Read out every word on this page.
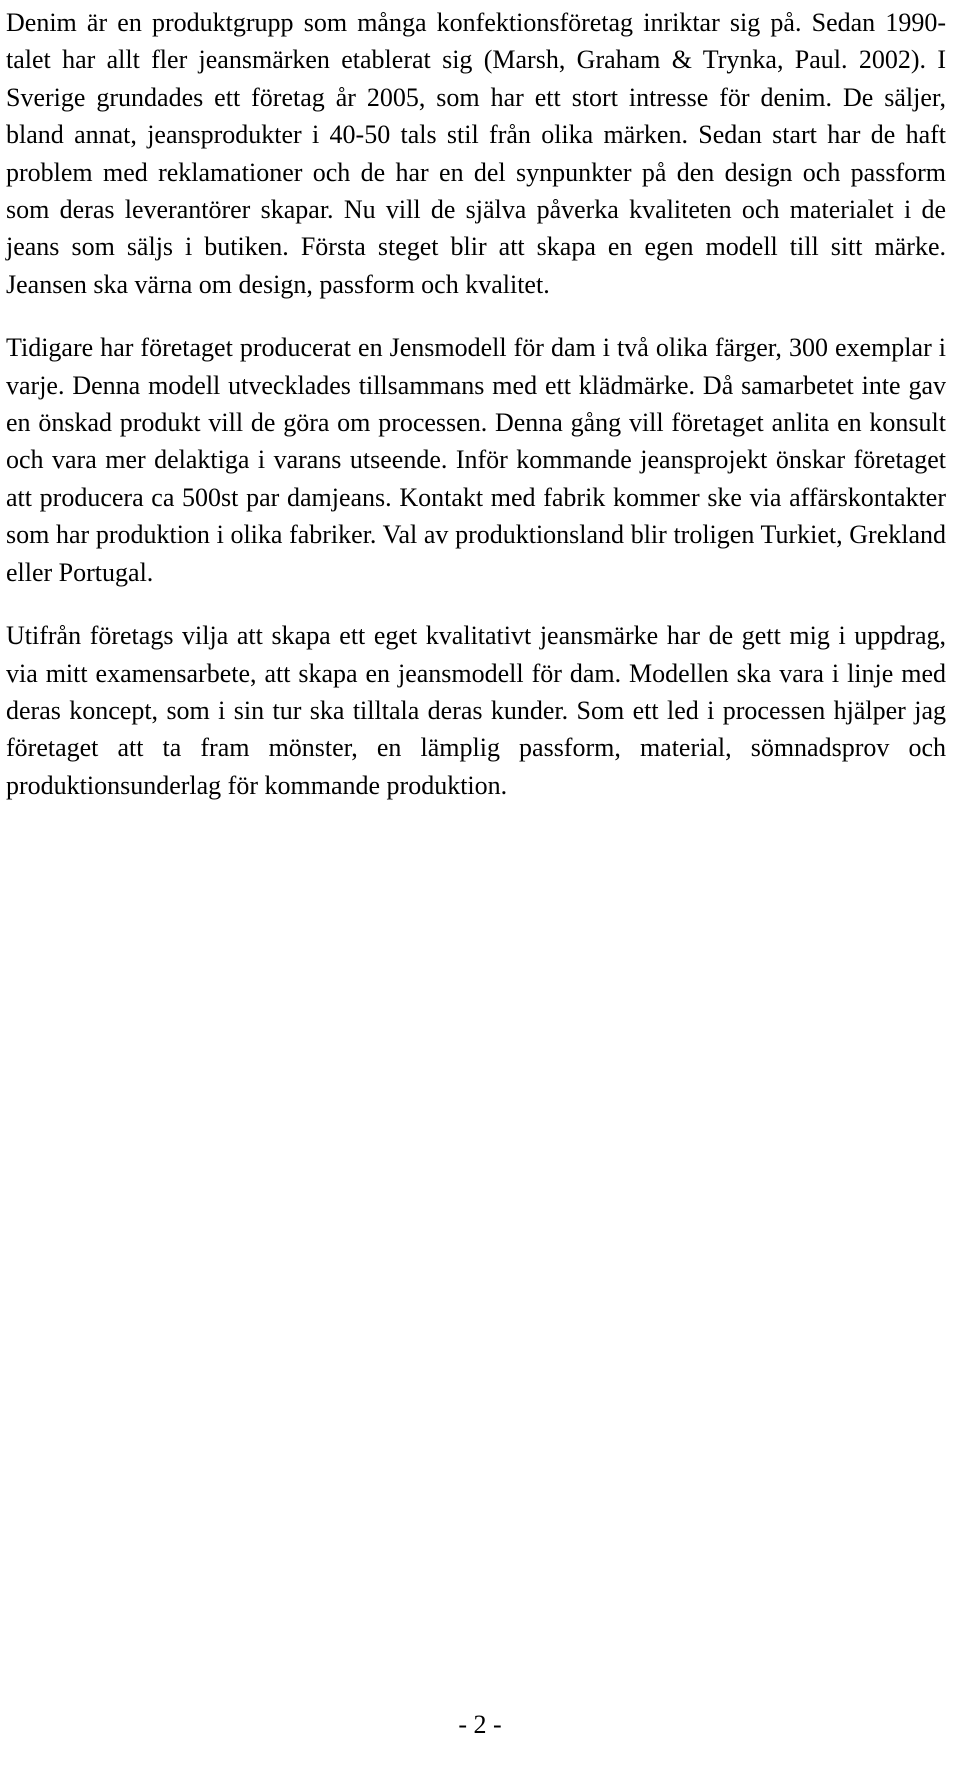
Denim är en produktgrupp som många konfektionsföretag inriktar sig på. Sedan 1990-talet har allt fler jeansmärken etablerat sig (Marsh, Graham & Trynka, Paul. 2002). I Sverige grundades ett företag år 2005, som har ett stort intresse för denim. De säljer, bland annat, jeansprodukter i 40-50 tals stil från olika märken. Sedan start har de haft problem med reklamationer och de har en del synpunkter på den design och passform som deras leverantörer skapar. Nu vill de själva påverka kvaliteten och materialet i de jeans som säljs i butiken. Första steget blir att skapa en egen modell till sitt märke. Jeansen ska värna om design, passform och kvalitet.

Tidigare har företaget producerat en Jensmodell för dam i två olika färger, 300 exemplar i varje. Denna modell utvecklades tillsammans med ett klädmärke. Då samarbetet inte gav en önskad produkt vill de göra om processen. Denna gång vill företaget anlita en konsult och vara mer delaktiga i varans utseende. Inför kommande jeansprojekt önskar företaget att producera ca 500st par damjeans. Kontakt med fabrik kommer ske via affärskontakter som har produktion i olika fabriker. Val av produktionsland blir troligen Turkiet, Grekland eller Portugal.

Utifrån företags vilja att skapa ett eget kvalitativt jeansmärke har de gett mig i uppdrag, via mitt examensarbete, att skapa en jeansmodell för dam. Modellen ska vara i linje med deras koncept, som i sin tur ska tilltala deras kunder. Som ett led i processen hjälper jag företaget att ta fram mönster, en lämplig passform, material, sömnadsprov och produktionsunderlag för kommande produktion.

- 2 -
